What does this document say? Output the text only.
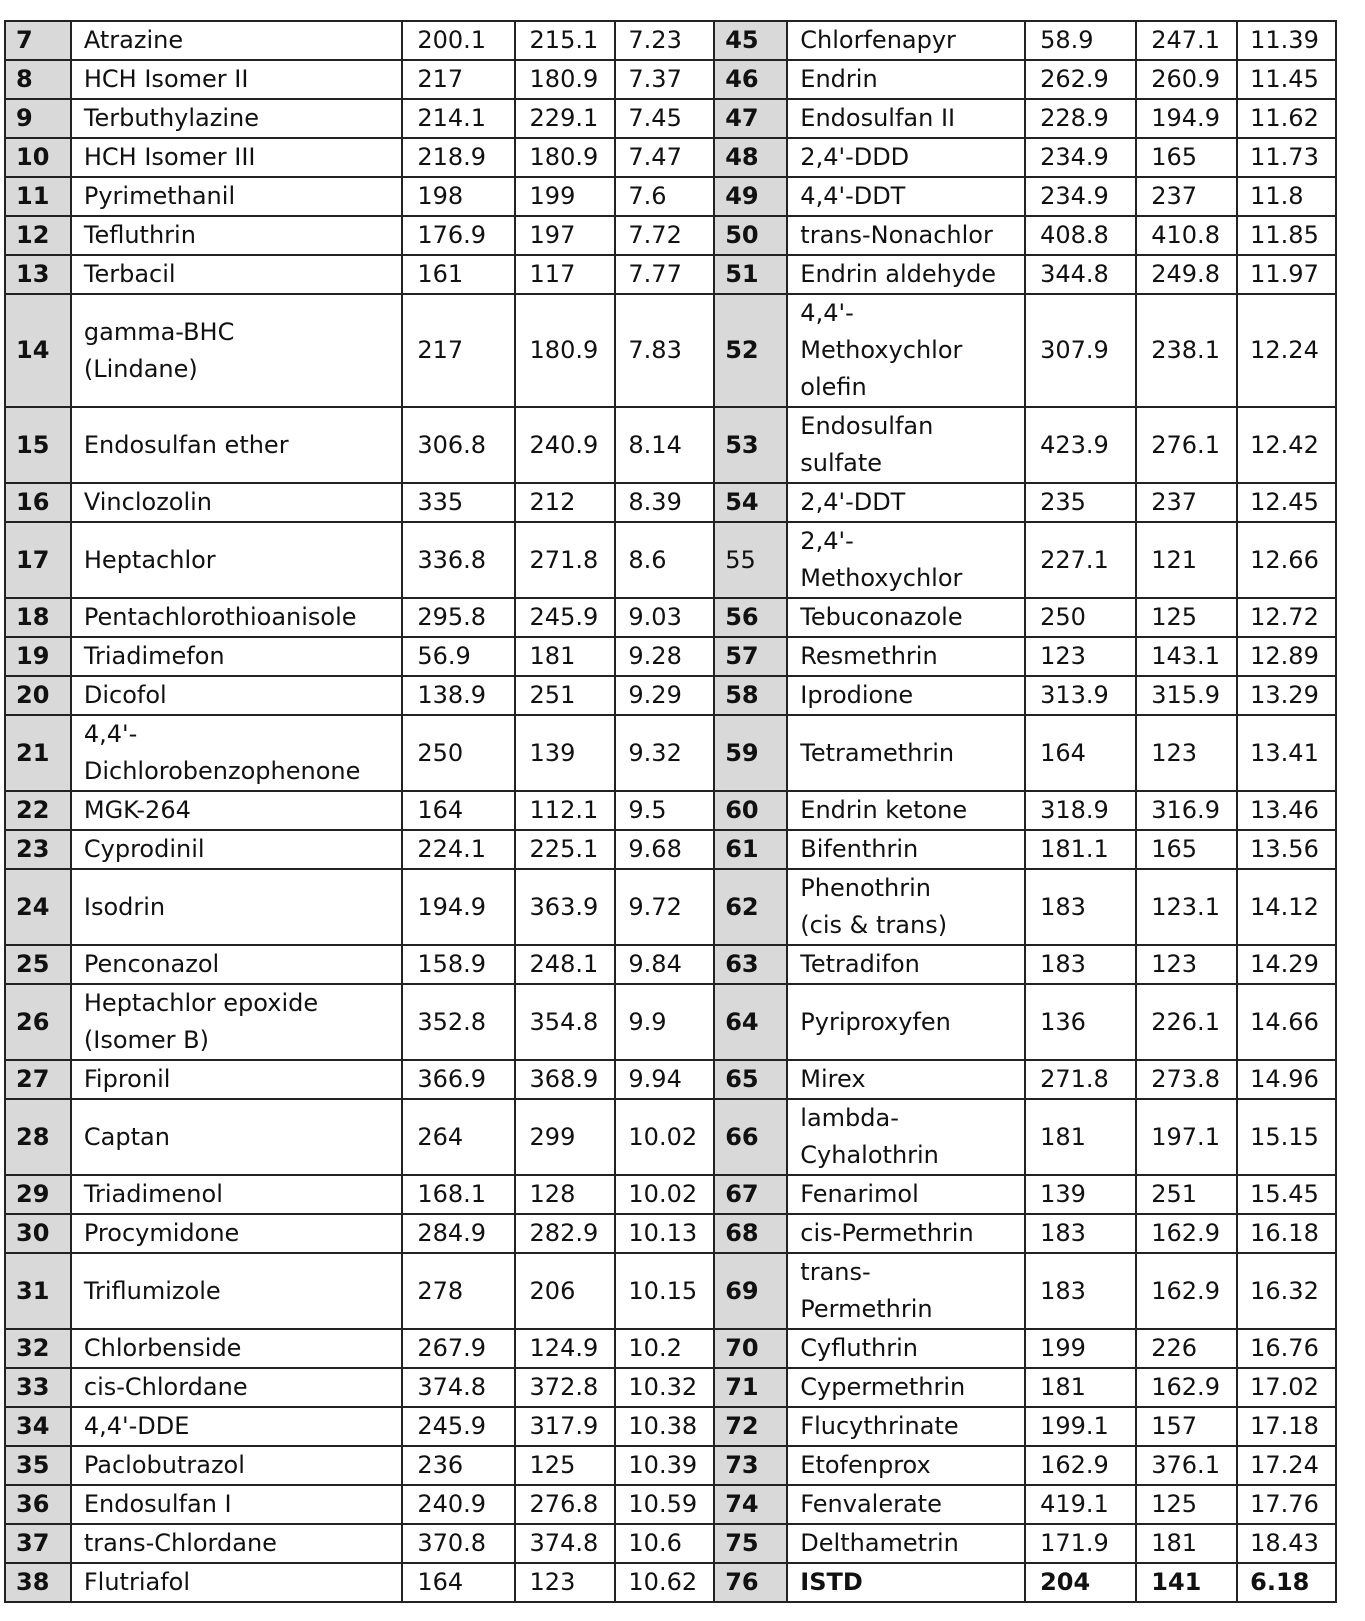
7	Atrazine	200.1	215.1	7.23	45	Chlorfenapyr	58.9	247.1	11.39
8	HCH Isomer II	217	180.9	7.37	46	Endrin	262.9	260.9	11.45
9	Terbuthylazine	214.1	229.1	7.45	47	Endosulfan II	228.9	194.9	11.62
10	HCH Isomer III	218.9	180.9	7.47	48	2,4'-DDD	234.9	165	11.73
11	Pyrimethanil	198	199	7.6	49	4,4'-DDT	234.9	237	11.8
12	Tefluthrin	176.9	197	7.72	50	trans-Nonachlor	408.8	410.8	11.85
13	Terbacil	161	117	7.77	51	Endrin aldehyde	344.8	249.8	11.97
14	gamma-BHC
(Lindane)	217	180.9	7.83	52	4,4'-
Methoxychlor
olefin	307.9	238.1	12.24
15	Endosulfan ether	306.8	240.9	8.14	53	Endosulfan
sulfate	423.9	276.1	12.42
16	Vinclozolin	335	212	8.39	54	2,4'-DDT	235	237	12.45
17	Heptachlor	336.8	271.8	8.6	55	2,4'-
Methoxychlor	227.1	121	12.66
18	Pentachlorothioanisole	295.8	245.9	9.03	56	Tebuconazole	250	125	12.72
19	Triadimefon	56.9	181	9.28	57	Resmethrin	123	143.1	12.89
20	Dicofol	138.9	251	9.29	58	Iprodione	313.9	315.9	13.29
21	4,4'-
Dichlorobenzophenone	250	139	9.32	59	Tetramethrin	164	123	13.41
22	MGK-264	164	112.1	9.5	60	Endrin ketone	318.9	316.9	13.46
23	Cyprodinil	224.1	225.1	9.68	61	Bifenthrin	181.1	165	13.56
24	Isodrin	194.9	363.9	9.72	62	Phenothrin
(cis & trans)	183	123.1	14.12
25	Penconazol	158.9	248.1	9.84	63	Tetradifon	183	123	14.29
26	Heptachlor epoxide
(Isomer B)	352.8	354.8	9.9	64	Pyriproxyfen	136	226.1	14.66
27	Fipronil	366.9	368.9	9.94	65	Mirex	271.8	273.8	14.96
28	Captan	264	299	10.02	66	lambda-
Cyhalothrin	181	197.1	15.15
29	Triadimenol	168.1	128	10.02	67	Fenarimol	139	251	15.45
30	Procymidone	284.9	282.9	10.13	68	cis-Permethrin	183	162.9	16.18
31	Triflumizole	278	206	10.15	69	trans-
Permethrin	183	162.9	16.32
32	Chlorbenside	267.9	124.9	10.2	70	Cyfluthrin	199	226	16.76
33	cis-Chlordane	374.8	372.8	10.32	71	Cypermethrin	181	162.9	17.02
34	4,4'-DDE	245.9	317.9	10.38	72	Flucythrinate	199.1	157	17.18
35	Paclobutrazol	236	125	10.39	73	Etofenprox	162.9	376.1	17.24
36	Endosulfan I	240.9	276.8	10.59	74	Fenvalerate	419.1	125	17.76
37	trans-Chlordane	370.8	374.8	10.6	75	Delthametrin	171.9	181	18.43
38	Flutriafol	164	123	10.62	76	ISTD	204	141	6.18
